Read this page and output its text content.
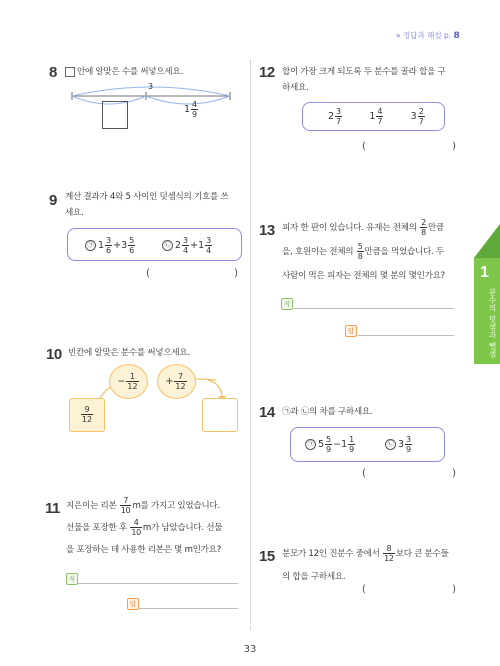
» 정답과 해설 p. 8
1
분수의 덧셈과 뺄셈
8	안에 알맞은 수를 써넣으세요.
3
$1 \frac{4}{9}$
9 계산 결과가 4와 5 사이인 덧셈식의 기호를 쓰
세요.
㉠ $1 \frac{3}{6} +3 \frac{5}{6}$	㉡ $2 \frac{3}{4} +1 \frac{3}{4}$
(	)
10 빈칸에 알맞은 분수를 써넣으세요.
$\frac{9}{12}$
− $\frac{1}{12}$	+ $\frac{7}{12}$
11 지은이는 리본 $\frac{7}{10}$ m를 가지고 있었습니다.
선물을 포장한 후 $\frac{4}{10}$ m가 남았습니다. 선물
을 포장하는 데 사용한 리본은 몇 m인가요?
식
답
12 합이 가장 크게 되도록 두 분수를 골라 합을 구
하세요.
$2 \frac{3}{7}$	$1 \frac{4}{7}$	$3 \frac{2}{7}$
(	)
13 피자 한 판이 있습니다. 유재는 전체의 $\frac{2}{8}$ 만큼
을, 호원이는 전체의 $\frac{5}{8}$ 만큼을 먹었습니다. 두
사람이 먹은 피자는 전체의 몇 분의 몇인가요?
식
답
14 ㉠과 ㉡의 차를 구하세요.
㉠ $5 \frac{5}{9} -1 \frac{1}{9}$	㉡ $3 \frac{3}{9}$
(	)
15 분모가 12인 진분수 중에서 $\frac{8}{12}$ 보다 큰 분수들
의 합을 구하세요.
(	)
33
